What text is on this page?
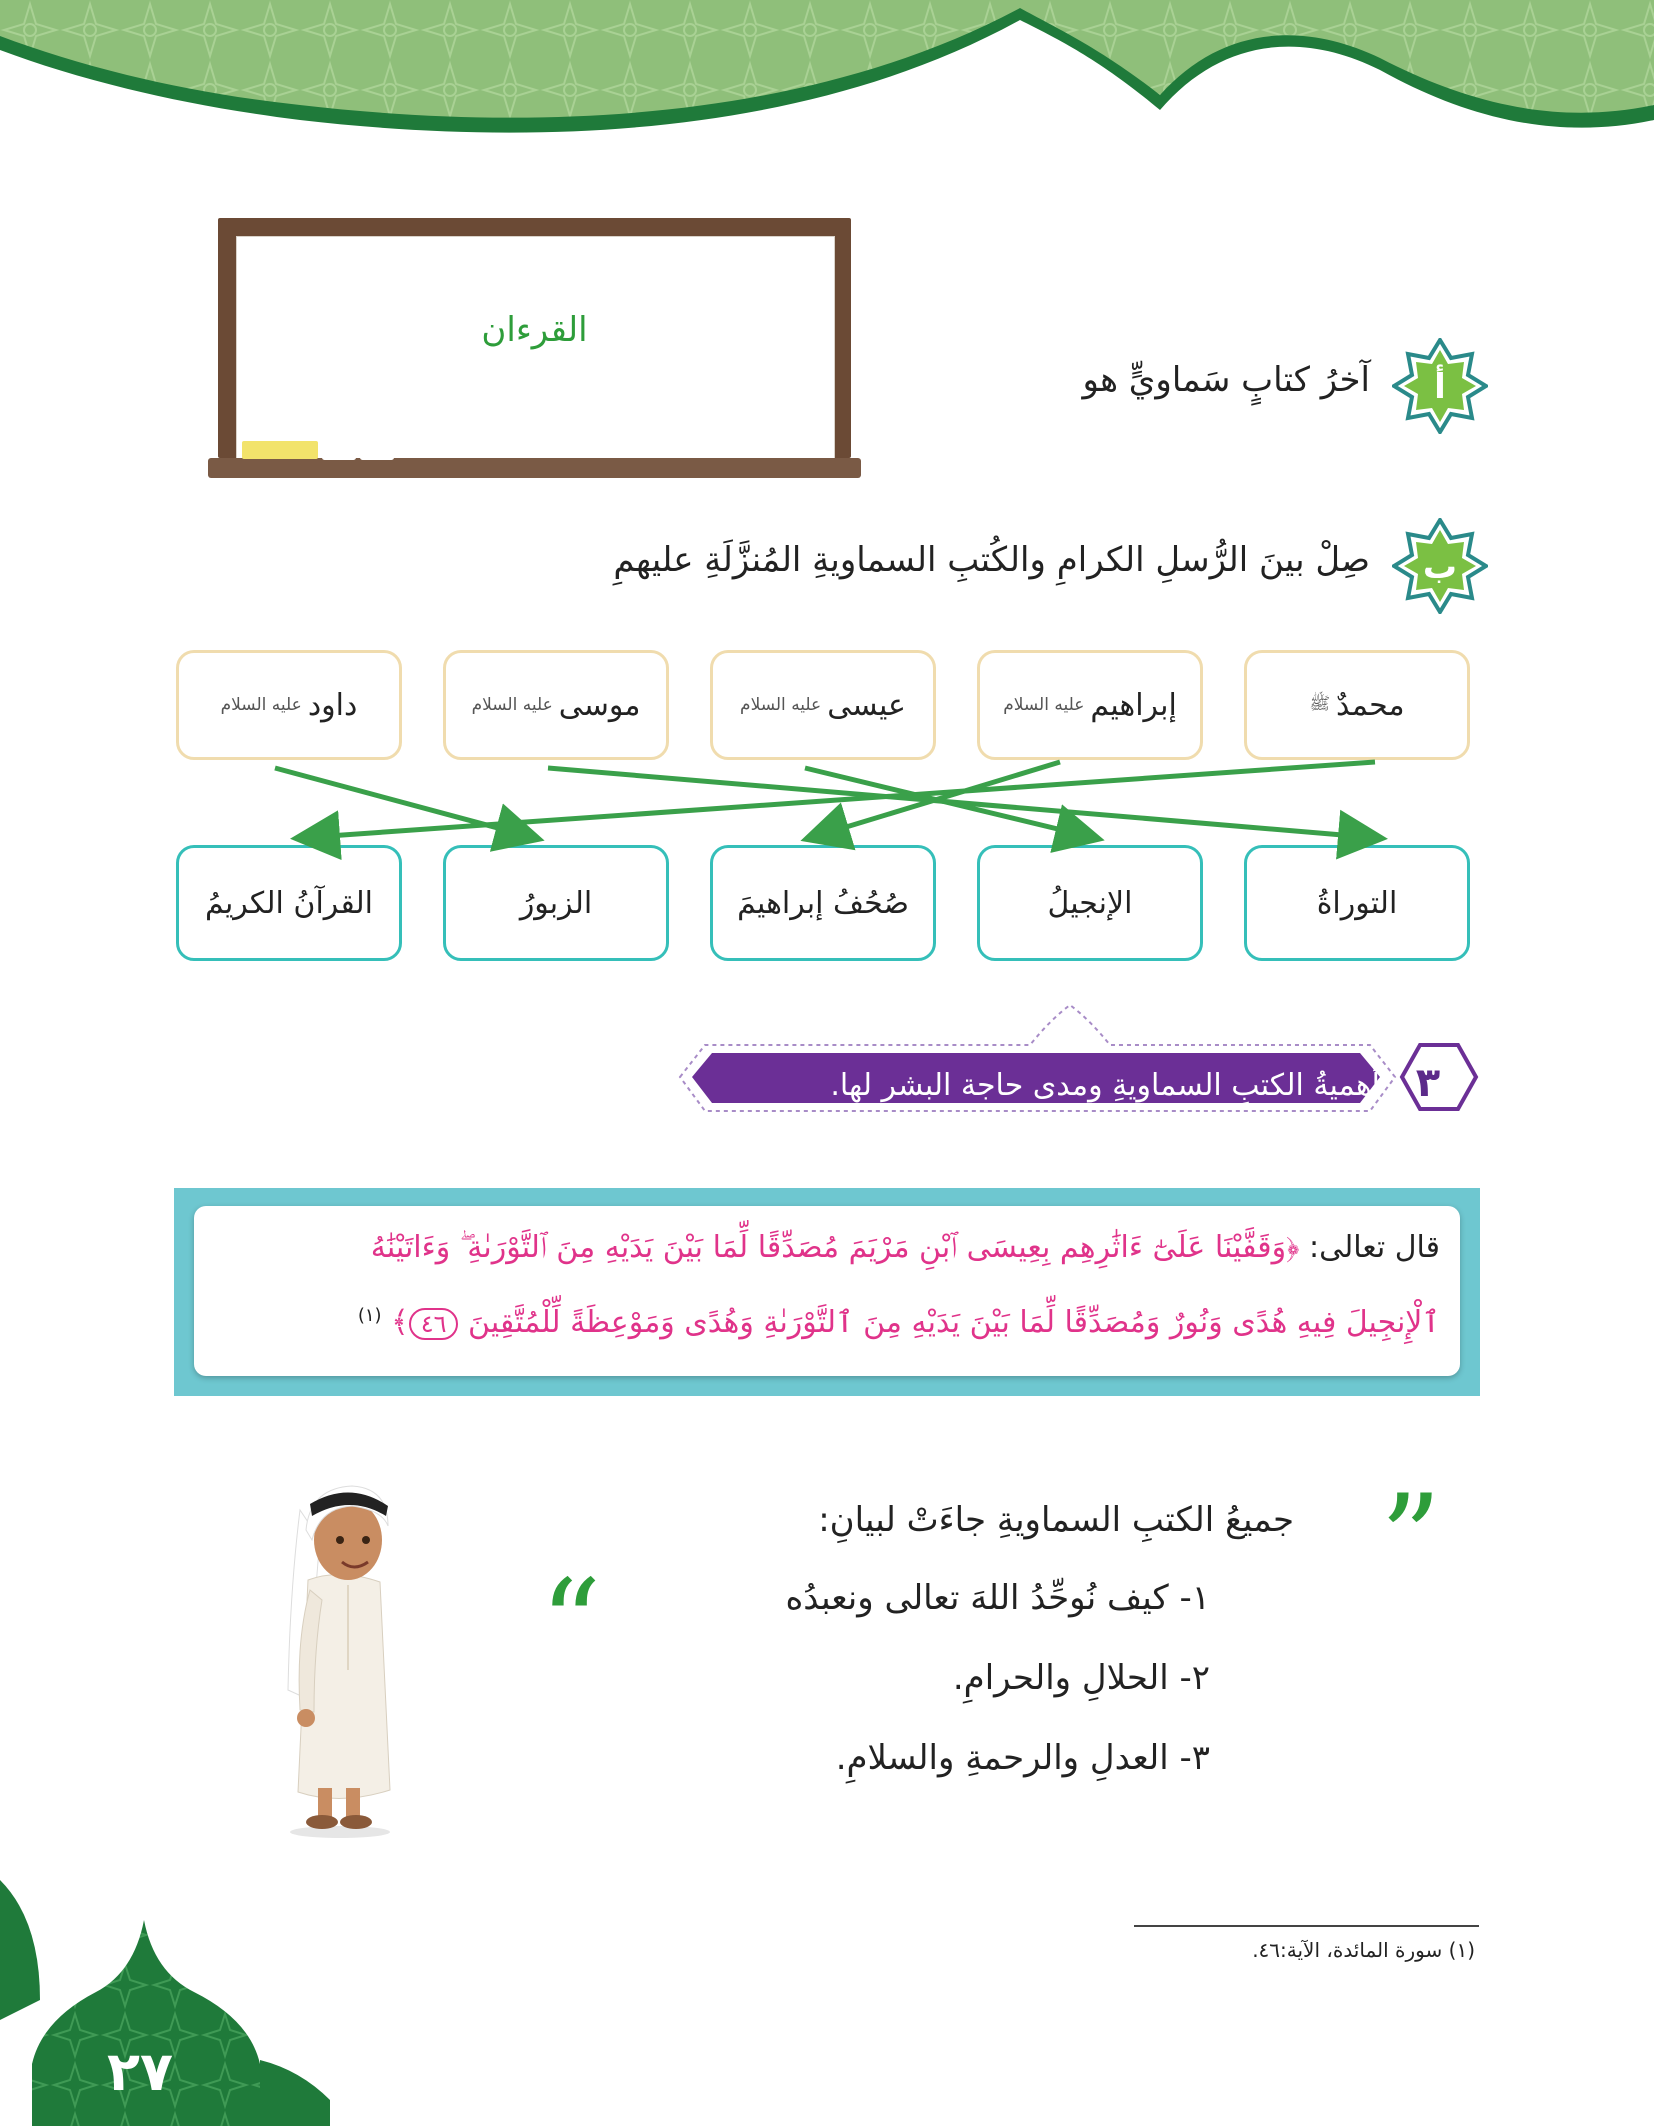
القرءان
أ
آخرُ كتابٍ سَماويٍّ هو
ب
صِلْ بينَ الرُّسلِ الكرامِ والكُتبِ السماويةِ المُنزَّلَةِ عليهمِ
محمدٌ
ﷺ
إبراهيم
عليه السلام
عيسى
عليه السلام
موسى
عليه السلام
داود
عليه السلام
التوراةُ
الإنجيلُ
صُحُفُ إبراهيمَ
الزبورُ
القرآنُ الكريمُ
أهميةُ الكتبِ السماويةِ ومدى حاجة البشر لها. ٣
قال تعالى: ﴿وَقَفَّيْنَا عَلَىٰٓ ءَاثَٰرِهِم بِعِيسَى ٱبْنِ مَرْيَمَ مُصَدِّقًا لِّمَا بَيْنَ يَدَيْهِ مِنَ ٱلتَّوْرَىٰةِ ۖ وَءَاتَيْنَٰهُ
ٱلْإِنجِيلَ فِيهِ هُدًى وَنُورٌ وَمُصَدِّقًا لِّمَا بَيْنَ يَدَيْهِ مِنَ ٱلتَّوْرَىٰةِ وَهُدًى وَمَوْعِظَةً لِّلْمُتَّقِينَ ٤٦﴾ $^{(١)}$
”
“
جميعُ الكتبِ السماويةِ جاءَتْ لبيانِ:
١- كيف نُوحِّدُ اللهَ تعالى ونعبدُه
٢- الحلالِ والحرامِ.
٣- العدلِ والرحمةِ والسلامِ.
(١) سورة المائدة، الآية:٤٦.
٢٧
